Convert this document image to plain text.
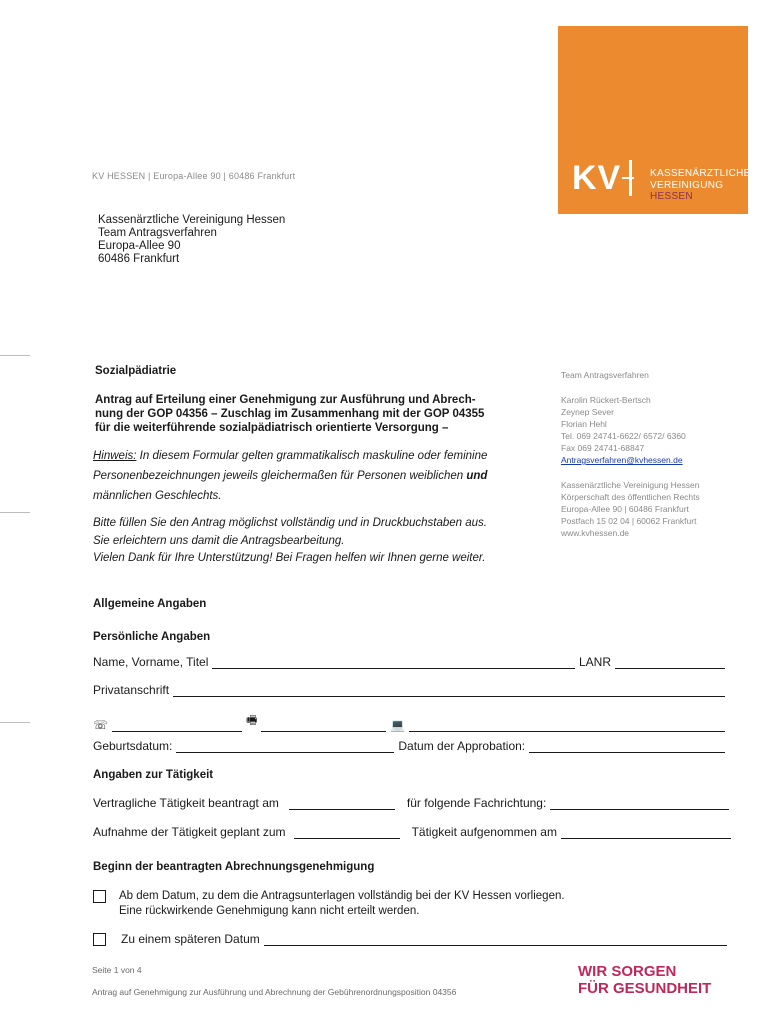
KV	KASSENÄRZTLICHE
VEREINIGUNG
HESSEN
KV HESSEN | Europa-Allee 90 | 60486 Frankfurt
Kassenärztliche Vereinigung Hessen
Team Antragsverfahren
Europa-Allee 90
60486 Frankfurt
Team Antragsverfahren
Karolin Rückert-Bertsch
Zeynep Sever
Florian Hehl
Tel. 069 24741-6622/ 6572/ 6360
Fax 069 24741-68847
Antragsverfahren@kvhessen.de
Kassenärztliche Vereinigung Hessen
Körperschaft des öffentlichen Rechts
Europa-Allee 90 | 60486 Frankfurt
Postfach 15 02 04 | 60062 Frankfurt
www.kvhessen.de
Sozialpädiatrie
Antrag auf Erteilung einer Genehmigung zur Ausführung und Abrech-
nung der GOP 04356 – Zuschlag im Zusammenhang mit der GOP 04355
für die weiterführende sozialpädiatrisch orientierte Versorgung –
Hinweis: In diesem Formular gelten grammatikalisch maskuline oder feminine
Personenbezeichnungen jeweils gleichermaßen für Personen weiblichen und
männlichen Geschlechts.
Bitte füllen Sie den Antrag möglichst vollständig und in Druckbuchstaben aus.
Sie erleichtern uns damit die Antragsbearbeitung.
Vielen Dank für Ihre Unterstützung! Bei Fragen helfen wir Ihnen gerne weiter.
Allgemeine Angaben
Persönliche Angaben
Name, Vorname, Titel	LANR
Privatanschrift
☏	🖷	💻
Geburtsdatum:	Datum der Approbation:
Angaben zur Tätigkeit
Vertragliche Tätigkeit beantragt am	für folgende Fachrichtung:
Aufnahme der Tätigkeit geplant zum	Tätigkeit aufgenommen am
Beginn der beantragten Abrechnungsgenehmigung
Ab dem Datum, zu dem die Antragsunterlagen vollständig bei der KV Hessen vorliegen.
Eine rückwirkende Genehmigung kann nicht erteilt werden.
Zu einem späteren Datum
Seite 1 von 4
Antrag auf Genehmigung zur Ausführung und Abrechnung der Gebührenordnungsposition 04356
WIR SORGEN
FÜR GESUNDHEIT
